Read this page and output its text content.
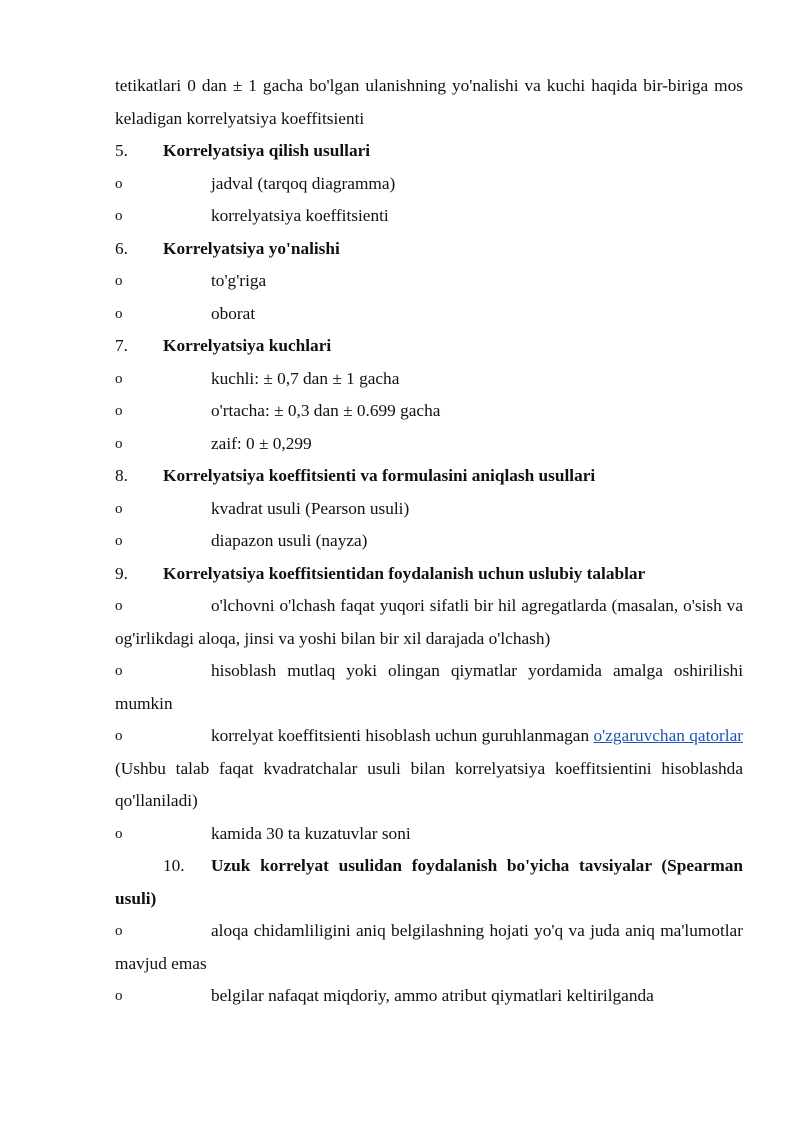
tetikatlari 0 dan ± 1 gacha bo'lgan ulanishning yo'nalishi va kuchi haqida bir-biriga mos keladigan korrelyatsiya koeffitsienti

5. Korrelyatsiya qilish usullari

o	jadval (tarqoq diagramma)

o	korrelyatsiya koeffitsienti

6. Korrelyatsiya yo'nalishi

o	to'g'riga

o	oborat

7. Korrelyatsiya kuchlari

o	kuchli: ± 0,7 dan ± 1 gacha

o	o'rtacha: ± 0,3 dan ± 0.699 gacha

o	zaif: 0 ± 0,299

8. Korrelyatsiya koeffitsienti va formulasini aniqlash usullari

o	kvadrat usuli (Pearson usuli)

o	diapazon usuli (nayza)

9. Korrelyatsiya koeffitsientidan foydalanish uchun uslubiy talablar

o	o'lchovni o'lchash faqat yuqori sifatli bir hil agregatlarda (masalan, o'sish va og'irlikdagi aloqa, jinsi va yoshi bilan bir xil darajada o'lchash)

o	hisoblash mutlaq yoki olingan qiymatlar yordamida amalga oshirilishi mumkin

o	korrelyat koeffitsienti hisoblash uchun guruhlanmagan o'zgaruvchan qatorlar (Ushbu talab faqat kvadratchalar usuli bilan korrelyatsiya koeffitsientini hisoblashda qo'llaniladi)

o	kamida 30 ta kuzatuvlar soni

10. Uzuk korrelyat usulidan foydalanish bo'yicha tavsiyalar (Spearman usuli)

o	aloqa chidamliligini aniq belgilashning hojati yo'q va juda aniq ma'lumotlar mavjud emas

o	belgilar nafaqat miqdoriy, ammo atribut qiymatlari keltirilganda
